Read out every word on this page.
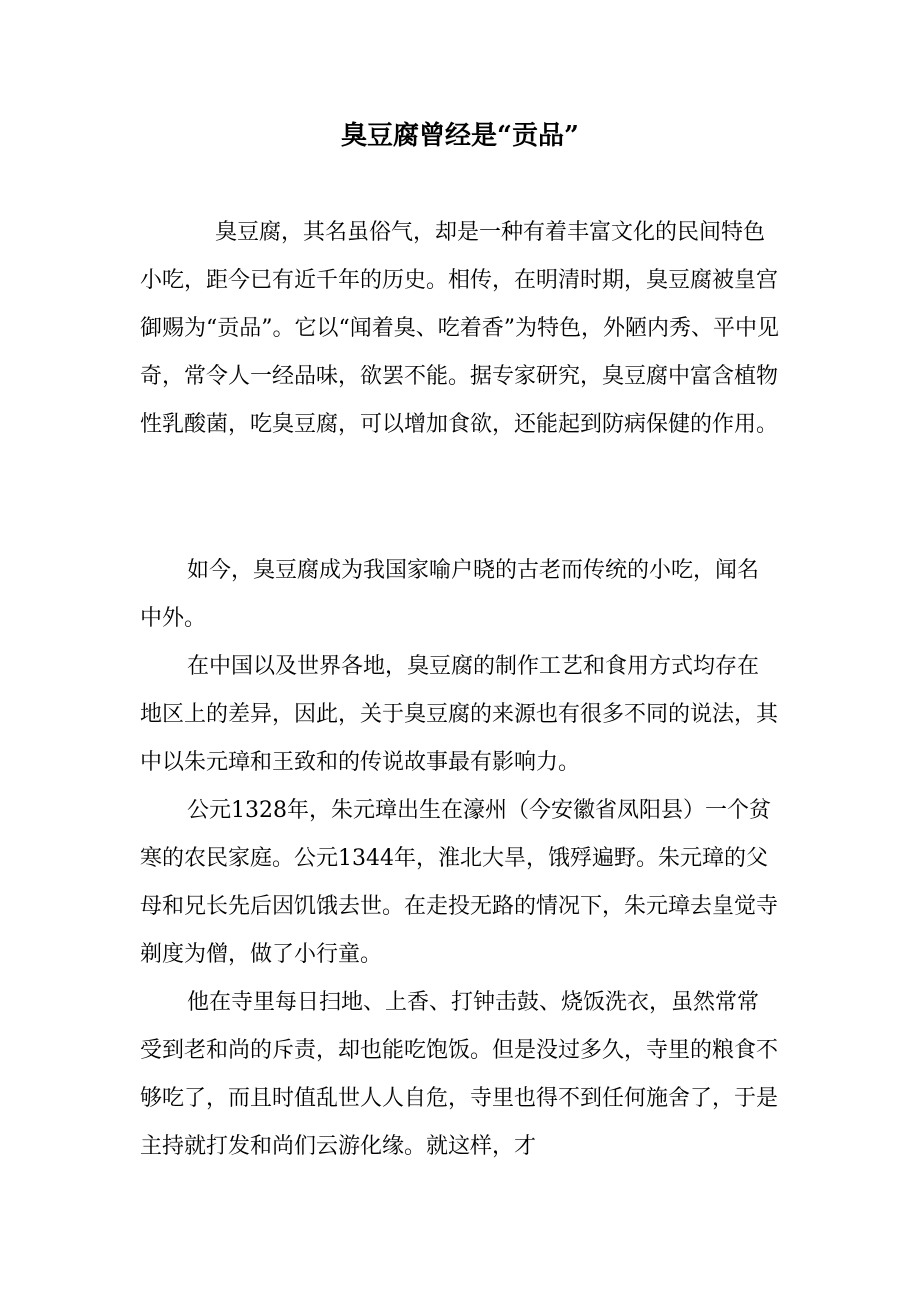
臭豆腐曾经是“贡品”

臭豆腐，其名虽俗气，却是一种有着丰富文化的民间特色小吃，距今已有近千年的历史。相传，在明清时期，臭豆腐被皇宫御赐为“贡品”。它以“闻着臭、吃着香”为特色，外陋内秀、平中见奇，常令人一经品味，欲罢不能。据专家研究，臭豆腐中富含植物性乳酸菌，吃臭豆腐，可以增加食欲，还能起到防病保健的作用。

如今，臭豆腐成为我国家喻户晓的古老而传统的小吃，闻名中外。

在中国以及世界各地，臭豆腐的制作工艺和食用方式均存在地区上的差异，因此，关于臭豆腐的来源也有很多不同的说法，其中以朱元璋和王致和的传说故事最有影响力。

公元1328年，朱元璋出生在濠州（今安徽省凤阳县）一个贫寒的农民家庭。公元1344年，淮北大旱，饿殍遍野。朱元璋的父母和兄长先后因饥饿去世。在走投无路的情况下，朱元璋去皇觉寺剃度为僧，做了小行童。

他在寺里每日扫地、上香、打钟击鼓、烧饭洗衣，虽然常常受到老和尚的斥责，却也能吃饱饭。但是没过多久，寺里的粮食不够吃了，而且时值乱世人人自危，寺里也得不到任何施舍了，于是主持就打发和尚们云游化缘。就这样，才
